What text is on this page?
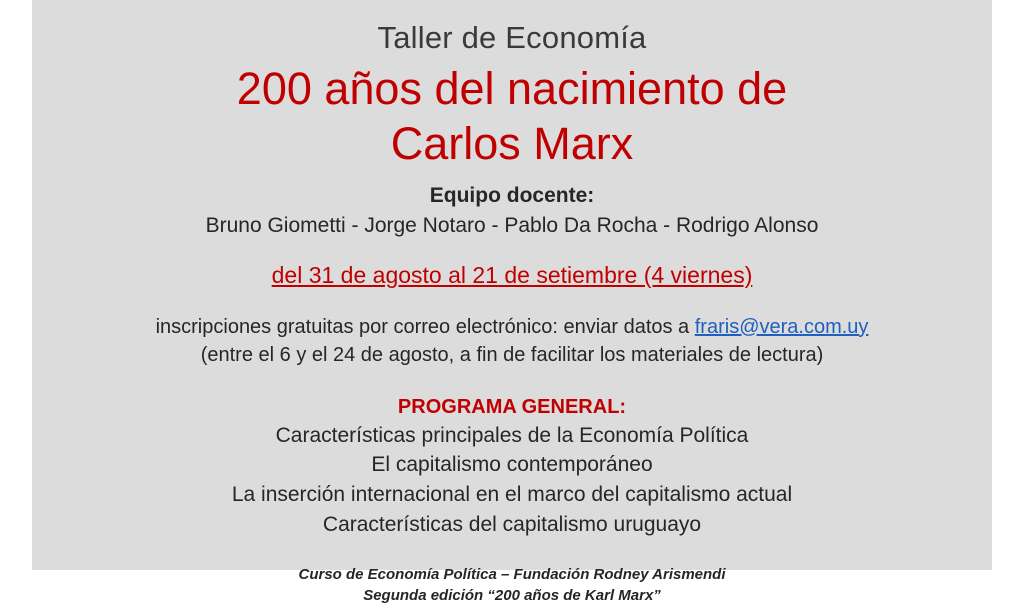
Taller de Economía

200 años del nacimiento de
Carlos Marx

Equipo docente:

Bruno Giometti - Jorge Notaro - Pablo Da Rocha - Rodrigo Alonso

del 31 de agosto al 21 de setiembre (4 viernes)

inscripciones gratuitas por correo electrónico: enviar datos a fraris@vera.com.uy

(entre el 6 y el 24 de agosto, a fin de facilitar los materiales de lectura)

PROGRAMA GENERAL:

Características principales de la Economía Política
El capitalismo contemporáneo
La inserción internacional en el marco del capitalismo actual
Características del capitalismo uruguayo

Curso de Economía Política – Fundación Rodney Arismendi

Segunda edición “200 años de Karl Marx”
